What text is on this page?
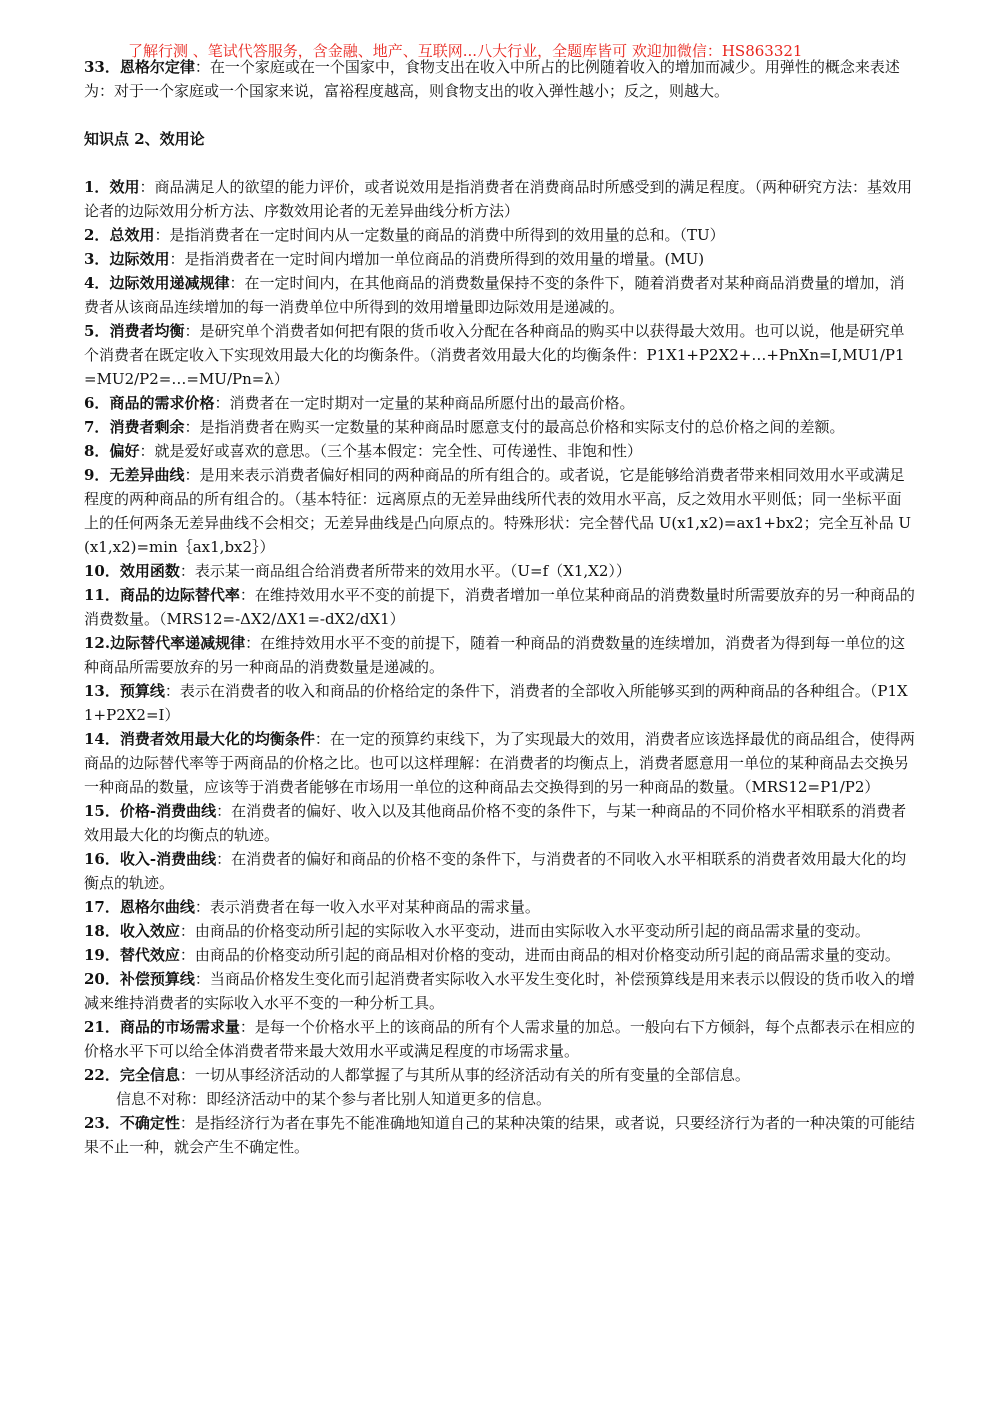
了解行测 、笔试代答服务，含金融、地产、互联网...八大行业，全题库皆可 欢迎加微信：HS863321

33．恩格尔定律：在一个家庭或在一个国家中，食物支出在收入中所占的比例随着收入的增加而减少。用弹性的概念来表述为：对于一个家庭或一个国家来说，富裕程度越高，则食物支出的收入弹性越小；反之，则越大。

知识点 2、效用论

1．效用：商品满足人的欲望的能力评价，或者说效用是指消费者在消费商品时所感受到的满足程度。（两种研究方法：基效用论者的边际效用分析方法、序数效用论者的无差异曲线分析方法）

2．总效用：是指消费者在一定时间内从一定数量的商品的消费中所得到的效用量的总和。（TU）

3．边际效用：是指消费者在一定时间内增加一单位商品的消费所得到的效用量的增量。(MU)

4．边际效用递减规律：在一定时间内，在其他商品的消费数量保持不变的条件下，随着消费者对某种商品消费量的增加，消费者从该商品连续增加的每一消费单位中所得到的效用增量即边际效用是递减的。

5．消费者均衡：是研究单个消费者如何把有限的货币收入分配在各种商品的购买中以获得最大效用。也可以说，他是研究单个消费者在既定收入下实现效用最大化的均衡条件。（消费者效用最大化的均衡条件：P1X1+P2X2+…+PnXn=I,MU1/P1=MU2/P2=…=MU/Pn=λ）

6．商品的需求价格：消费者在一定时期对一定量的某种商品所愿付出的最高价格。

7．消费者剩余：是指消费者在购买一定数量的某种商品时愿意支付的最高总价格和实际支付的总价格之间的差额。

8．偏好：就是爱好或喜欢的意思。（三个基本假定：完全性、可传递性、非饱和性）

9．无差异曲线：是用来表示消费者偏好相同的两种商品的所有组合的。或者说，它是能够给消费者带来相同效用水平或满足程度的两种商品的所有组合的。（基本特征：远离原点的无差异曲线所代表的效用水平高，反之效用水平则低；同一坐标平面上的任何两条无差异曲线不会相交；无差异曲线是凸向原点的。特殊形状：完全替代品 U(x1,x2)=ax1+bx2；完全互补品 U(x1,x2)=min｛ax1,bx2｝）

10．效用函数：表示某一商品组合给消费者所带来的效用水平。（U=f（X1,X2））

11．商品的边际替代率：在维持效用水平不变的前提下，消费者增加一单位某种商品的消费数量时所需要放弃的另一种商品的消费数量。（MRS12=-ΔX2/ΔX1=-dX2/dX1）

12.边际替代率递减规律：在维持效用水平不变的前提下，随着一种商品的消费数量的连续增加，消费者为得到每一单位的这种商品所需要放弃的另一种商品的消费数量是递减的。

13．预算线：表示在消费者的收入和商品的价格给定的条件下，消费者的全部收入所能够买到的两种商品的各种组合。（P1X1+P2X2=I）

14．消费者效用最大化的均衡条件：在一定的预算约束线下，为了实现最大的效用，消费者应该选择最优的商品组合，使得两商品的边际替代率等于两商品的价格之比。也可以这样理解：在消费者的均衡点上，消费者愿意用一单位的某种商品去交换另一种商品的数量，应该等于消费者能够在市场用一单位的这种商品去交换得到的另一种商品的数量。（MRS12=P1/P2）

15．价格-消费曲线：在消费者的偏好、收入以及其他商品价格不变的条件下，与某一种商品的不同价格水平相联系的消费者效用最大化的均衡点的轨迹。

16．收入-消费曲线：在消费者的偏好和商品的价格不变的条件下，与消费者的不同收入水平相联系的消费者效用最大化的均衡点的轨迹。

17．恩格尔曲线：表示消费者在每一收入水平对某种商品的需求量。

18．收入效应：由商品的价格变动所引起的实际收入水平变动，进而由实际收入水平变动所引起的商品需求量的变动。

19．替代效应：由商品的价格变动所引起的商品相对价格的变动，进而由商品的相对价格变动所引起的商品需求量的变动。

20．补偿预算线：当商品价格发生变化而引起消费者实际收入水平发生变化时，补偿预算线是用来表示以假设的货币收入的增减来维持消费者的实际收入水平不变的一种分析工具。

21．商品的市场需求量：是每一个价格水平上的该商品的所有个人需求量的加总。一般向右下方倾斜，每个点都表示在相应的价格水平下可以给全体消费者带来最大效用水平或满足程度的市场需求量。

22．完全信息：一切从事经济活动的人都掌握了与其所从事的经济活动有关的所有变量的全部信息。

信息不对称：即经济活动中的某个参与者比别人知道更多的信息。

23．不确定性：是指经济行为者在事先不能准确地知道自己的某种决策的结果，或者说，只要经济行为者的一种决策的可能结果不止一种，就会产生不确定性。
